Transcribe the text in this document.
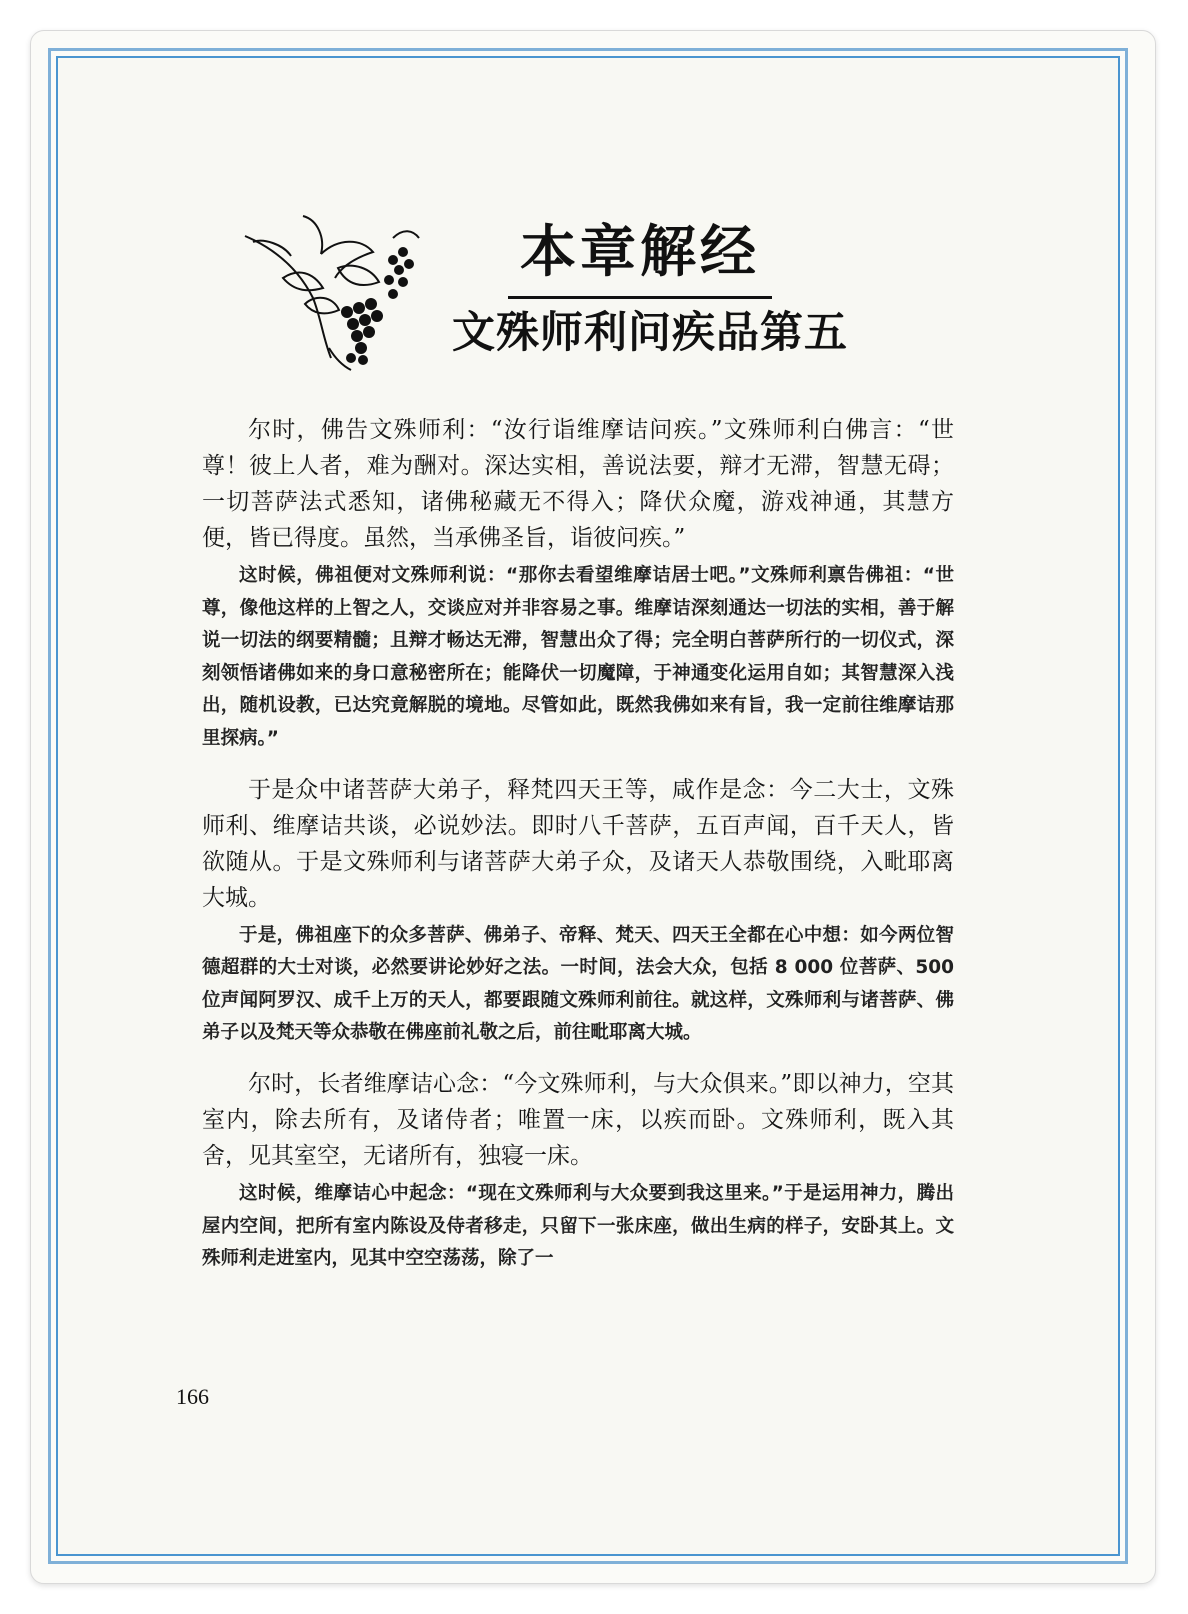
本章解经
文殊师利问疾品第五

尔时，佛告文殊师利：“汝行诣维摩诘问疾。”文殊师利白佛言：“世尊！彼上人者，难为酬对。深达实相，善说法要，辩才无滞，智慧无碍；一切菩萨法式悉知，诸佛秘藏无不得入；降伏众魔，游戏神通，其慧方便，皆已得度。虽然，当承佛圣旨，诣彼问疾。”

这时候，佛祖便对文殊师利说：“那你去看望维摩诘居士吧。”文殊师利禀告佛祖：“世尊，像他这样的上智之人，交谈应对并非容易之事。维摩诘深刻通达一切法的实相，善于解说一切法的纲要精髓；且辩才畅达无滞，智慧出众了得；完全明白菩萨所行的一切仪式，深刻领悟诸佛如来的身口意秘密所在；能降伏一切魔障，于神通变化运用自如；其智慧深入浅出，随机设教，已达究竟解脱的境地。尽管如此，既然我佛如来有旨，我一定前往维摩诘那里探病。”

于是众中诸菩萨大弟子，释梵四天王等，咸作是念：今二大士，文殊师利、维摩诘共谈，必说妙法。即时八千菩萨，五百声闻，百千天人，皆欲随从。于是文殊师利与诸菩萨大弟子众，及诸天人恭敬围绕，入毗耶离大城。

于是，佛祖座下的众多菩萨、佛弟子、帝释、梵天、四天王全都在心中想：如今两位智德超群的大士对谈，必然要讲论妙好之法。一时间，法会大众，包括 8 000 位菩萨、500 位声闻阿罗汉、成千上万的天人，都要跟随文殊师利前往。就这样，文殊师利与诸菩萨、佛弟子以及梵天等众恭敬在佛座前礼敬之后，前往毗耶离大城。

尔时，长者维摩诘心念：“今文殊师利，与大众俱来。”即以神力，空其室内，除去所有，及诸侍者；唯置一床，以疾而卧。文殊师利，既入其舍，见其室空，无诸所有，独寝一床。

这时候，维摩诘心中起念：“现在文殊师利与大众要到我这里来。”于是运用神力，腾出屋内空间，把所有室内陈设及侍者移走，只留下一张床座，做出生病的样子，安卧其上。文殊师利走进室内，见其中空空荡荡，除了一

166
